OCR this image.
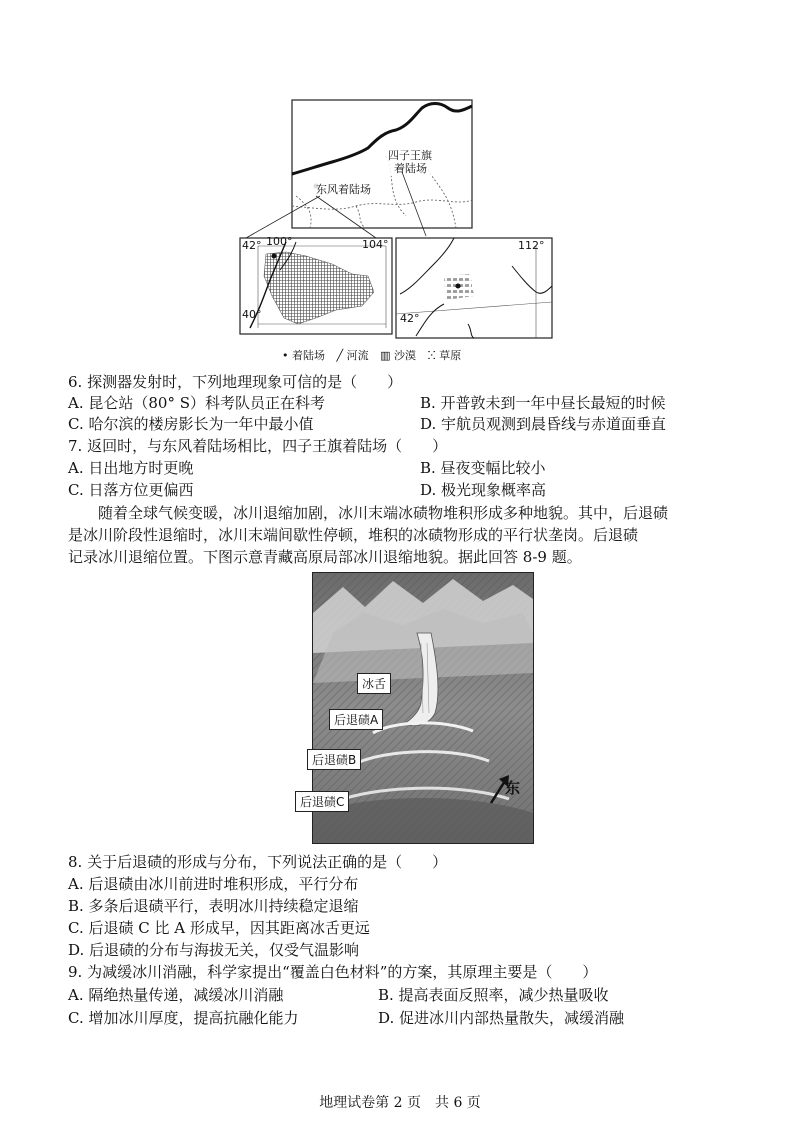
四子王旗
着陆场
东风着陆场
42° 100°	104°
40°
112°
42°
• 着陆场 ╱ 河流 ▥ 沙漠 ⵘ 草原
6. 探测器发射时，下列地理现象可信的是（　　）
A. 昆仑站（80° S）科考队员正在科考	B. 开普敦未到一年中昼长最短的时候
C. 哈尔滨的楼房影长为一年中最小值	D. 宇航员观测到晨昏线与赤道面垂直
7. 返回时，与东风着陆场相比，四子王旗着陆场（　　）
A. 日出地方时更晚	B. 昼夜变幅比较小
C. 日落方位更偏西	D. 极光现象概率高
随着全球气候变暖，冰川退缩加剧，冰川末端冰碛物堆积形成多种地貌。其中，后退碛
是冰川阶段性退缩时，冰川末端间歇性停顿，堆积的冰碛物形成的平行状垄岗。后退碛
记录冰川退缩位置。下图示意青藏高原局部冰川退缩地貌。据此回答 8-9 题。
冰舌
后退碛A
后退碛B
后退碛C
东
8. 关于后退碛的形成与分布，下列说法正确的是（　　）
A. 后退碛由冰川前进时堆积形成，平行分布
B. 多条后退碛平行，表明冰川持续稳定退缩
C. 后退碛 C 比 A 形成早，因其距离冰舌更远
D. 后退碛的分布与海拔无关，仅受气温影响
9. 为减缓冰川消融，科学家提出“覆盖白色材料”的方案，其原理主要是（　　）
A. 隔绝热量传递，减缓冰川消融	B. 提高表面反照率，减少热量吸收
C. 增加冰川厚度，提高抗融化能力	D. 促进冰川内部热量散失，减缓消融
地理试卷第 2 页　共 6 页
